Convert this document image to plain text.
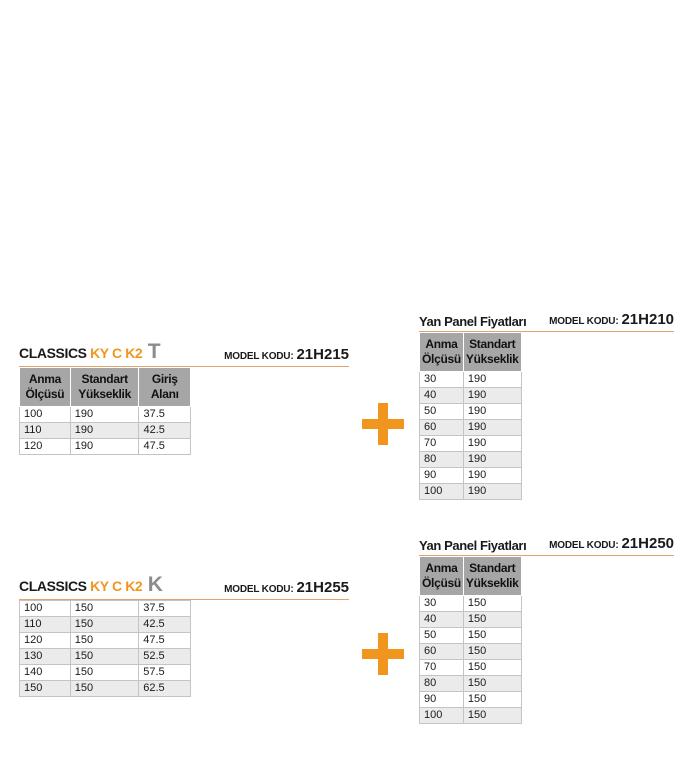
CLASSICS KY C K2 T	MODEL KODU: 21H215
Anma Ölçüsü	Standart Yükseklik	Giriş Alanı
100	190	37.5
110	190	42.5
120	190	47.5
Yan Panel Fiyatları MODEL KODU: 21H210
Anma Ölçüsü	Standart Yükseklik
30	190
40	190
50	190
60	190
70	190
80	190
90	190
100	190
CLASSICS KY C K2 K	MODEL KODU: 21H255
100	150	37.5
110	150	42.5
120	150	47.5
130	150	52.5
140	150	57.5
150	150	62.5
Yan Panel Fiyatları MODEL KODU: 21H250
Anma Ölçüsü	Standart Yükseklik
30	150
40	150
50	150
60	150
70	150
80	150
90	150
100	150
